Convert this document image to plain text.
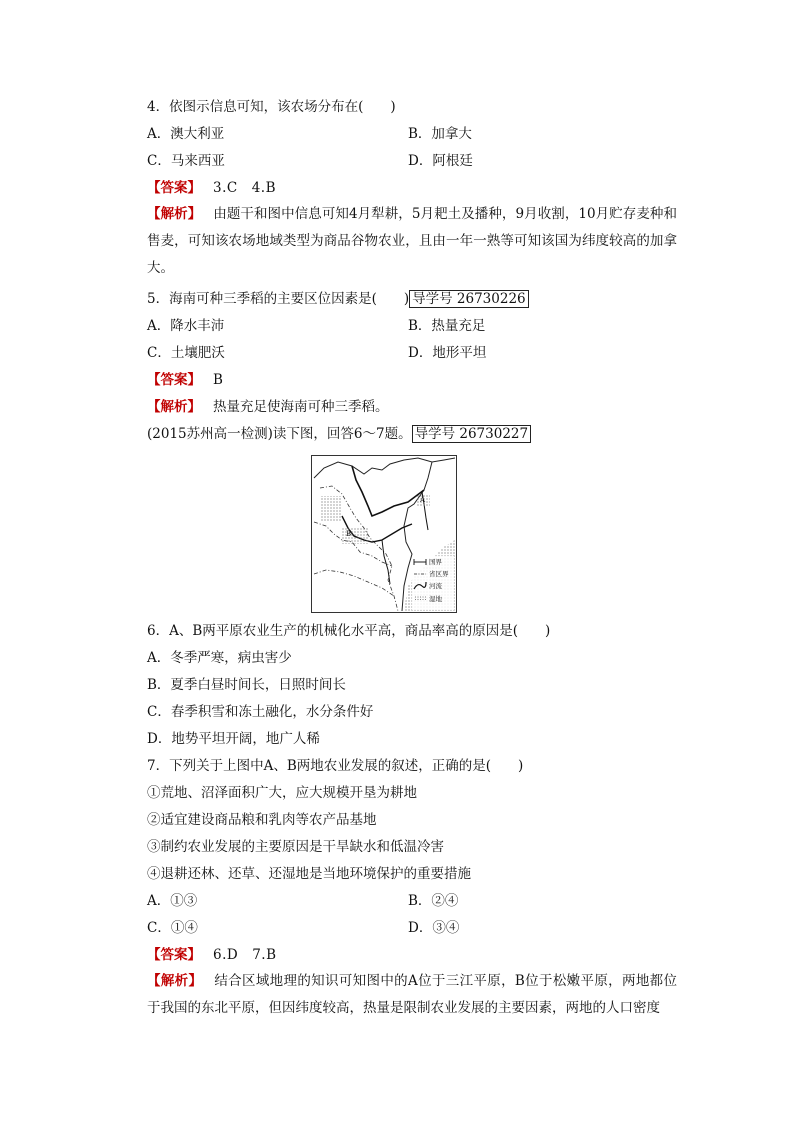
4．依图示信息可知，该农场分布在(　　)
A．澳大利亚	B．加拿大
C．马来西亚	D．阿根廷
【答案】 3.C　4.B
【解析】 由题干和图中信息可知4月犁耕，5月耙土及播种，9月收割，10月贮存麦种和售麦，可知该农场地域类型为商品谷物农业，且由一年一熟等可知该国为纬度较高的加拿大。
5．海南可种三季稻的主要区位因素是(　　) 导学号 26730226
A．降水丰沛	B．热量充足
C．土壤肥沃	D．地形平坦
【答案】 B
【解析】 热量充足使海南可种三季稻。
(2015苏州高一检测)读下图，回答6～7题。 导学号 26730227
A
B
国界
省区界
河流
湿地
6．A、B两平原农业生产的机械化水平高，商品率高的原因是(　　)
A．冬季严寒，病虫害少
B．夏季白昼时间长，日照时间长
C．春季积雪和冻土融化，水分条件好
D．地势平坦开阔，地广人稀
7．下列关于上图中A、B两地农业发展的叙述，正确的是(　　)
①荒地、沼泽面积广大，应大规模开垦为耕地
②适宜建设商品粮和乳肉等农产品基地
③制约农业发展的主要原因是干旱缺水和低温冷害
④退耕还林、还草、还湿地是当地环境保护的重要措施
A．①③	B．②④
C．①④	D．③④
【答案】 6.D　7.B
【解析】 结合区域地理的知识可知图中的A位于三江平原，B位于松嫩平原，两地都位于我国的东北平原，但因纬度较高，热量是限制农业发展的主要因素，两地的人口密度
